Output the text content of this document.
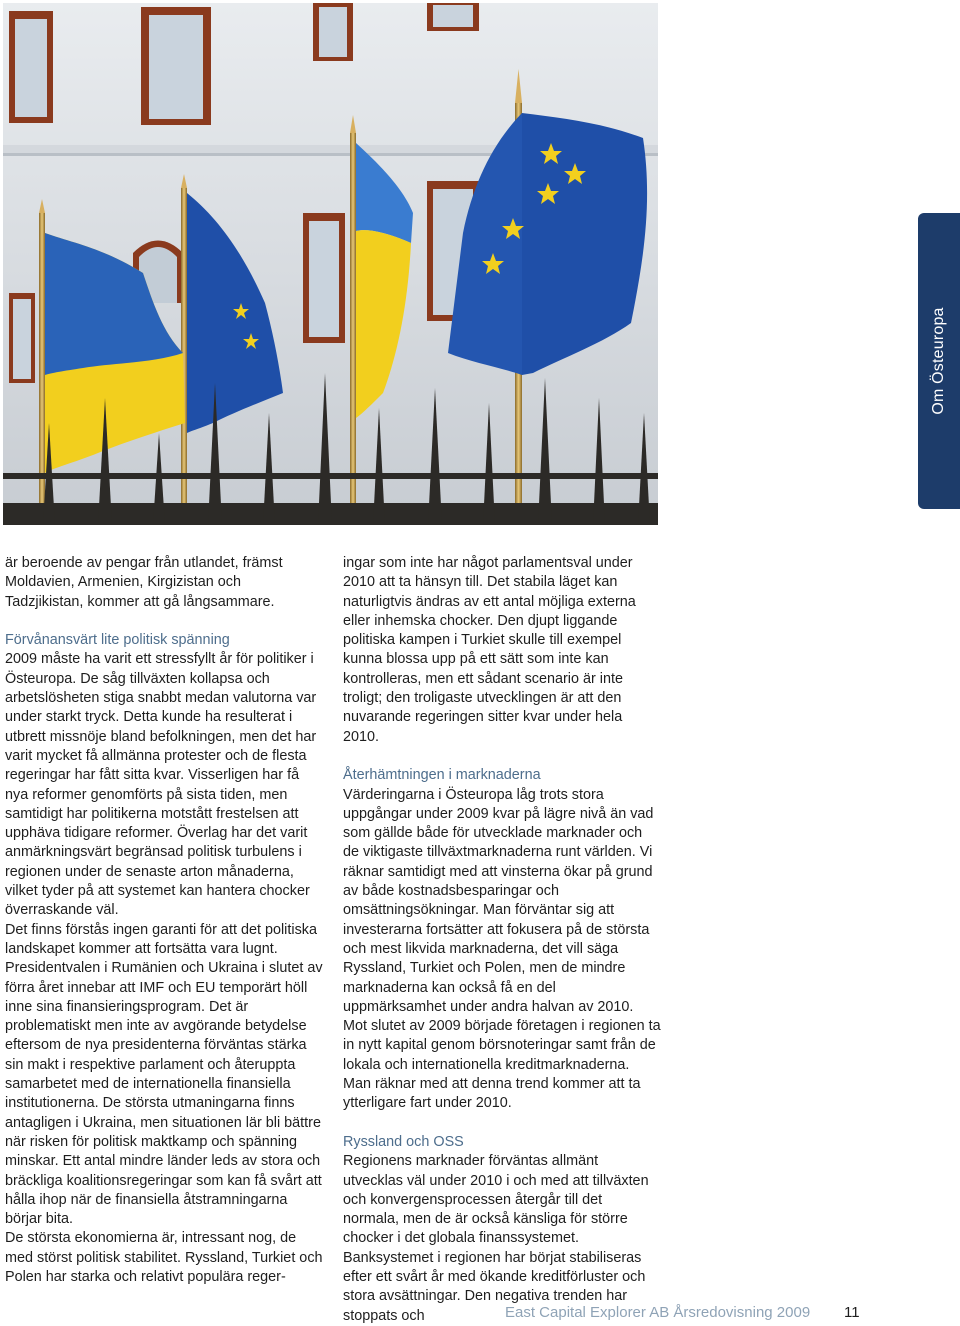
Om Östeuropa

är beroende av pengar från utlandet, främst Moldavien, Armenien, Kirgizistan och Tadzjikistan, kommer att gå långsammare.

Förvånansvärt lite politisk spänning

2009 måste ha varit ett stressfyllt år för politiker i Östeuropa. De såg tillväxten kollapsa och arbetslösheten stiga snabbt medan valutorna var under starkt tryck. Detta kunde ha resulterat i utbrett missnöje bland befolkningen, men det har varit mycket få allmänna protester och de flesta regeringar har fått sitta kvar. Visserligen har få nya reformer genomförts på sista tiden, men samtidigt har politikerna motstått frestelsen att upphäva tidigare reformer. Överlag har det varit anmärkningsvärt begränsad politisk turbulens i regionen under de senaste arton månaderna, vilket tyder på att systemet kan hantera chocker överraskande väl.

Det finns förstås ingen garanti för att det politiska landskapet kommer att fortsätta vara lugnt. Presidentvalen i Rumänien och Ukraina i slutet av förra året innebar att IMF och EU temporärt höll inne sina finansieringsprogram. Det är problematiskt men inte av avgörande betydelse eftersom de nya presidenterna förväntas stärka sin makt i respektive parlament och återuppta samarbetet med de internationella finansiella institutionerna. De största utmaningarna finns antagligen i Ukraina, men situationen lär bli bättre när risken för politisk maktkamp och spänning minskar. Ett antal mindre länder leds av stora och bräckliga koalitionsregeringar som kan få svårt att hålla ihop när de finansiella åtstramningarna börjar bita.

De största ekonomierna är, intressant nog, de med störst politisk stabilitet. Ryssland, Turkiet och Polen har starka och relativt populära reger-

ingar som inte har något parlamentsval under 2010 att ta hänsyn till. Det stabila läget kan naturligtvis ändras av ett antal möjliga externa eller inhemska chocker. Den djupt liggande politiska kampen i Turkiet skulle till exempel kunna blossa upp på ett sätt som inte kan kontrolleras, men ett sådant scenario är inte troligt; den troligaste utvecklingen är att den nuvarande regeringen sitter kvar under hela 2010.

Återhämtningen i marknaderna

Värderingarna i Östeuropa låg trots stora uppgångar under 2009 kvar på lägre nivå än vad som gällde både för utvecklade marknader och de viktigaste tillväxtmarknaderna runt världen. Vi räknar samtidigt med att vinsterna ökar på grund av både kostnadsbesparingar och omsättningsökningar. Man förväntar sig att investerarna fortsätter att fokusera på de största och mest likvida marknaderna, det vill säga Ryssland, Turkiet och Polen, men de mindre marknaderna kan också få en del uppmärksamhet under andra halvan av 2010. Mot slutet av 2009 började företagen i regionen ta in nytt kapital genom börsnoteringar samt från de lokala och internationella kreditmarknaderna. Man räknar med att denna trend kommer att ta ytterligare fart under 2010.

Ryssland och OSS

Regionens marknader förväntas allmänt utvecklas väl under 2010 i och med att tillväxten och konvergensprocessen återgår till det normala, men de är också känsliga för större chocker i det globala finanssystemet. Banksystemet i regionen har börjat stabiliseras efter ett svårt år med ökande kreditförluster och stora avsättningar. Den negativa trenden har stoppats och	East Capital Explorer AB Årsredovisning 2009 11
